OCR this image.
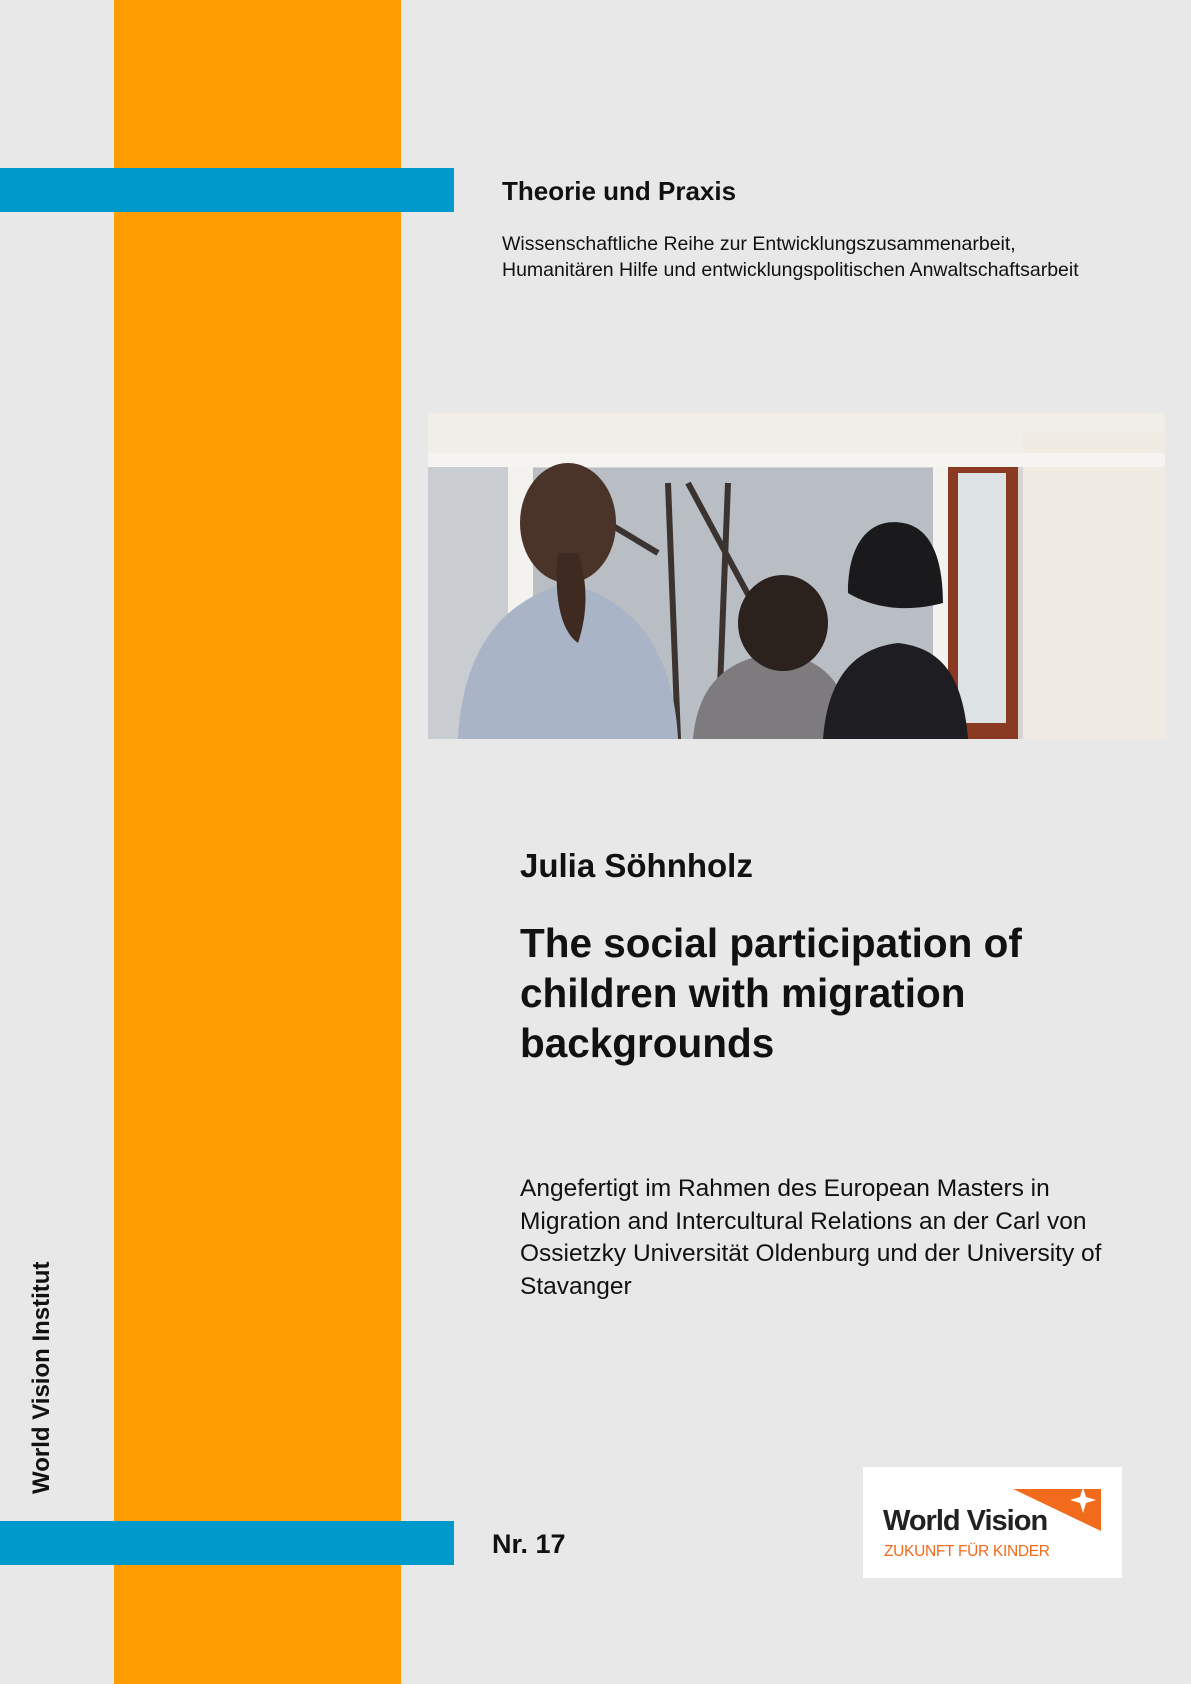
Theorie und Praxis
Wissenschaftliche Reihe zur Entwicklungszusammenarbeit,
Humanitären Hilfe und entwicklungspolitischen Anwaltschaftsarbeit
Julia Söhnholz
The social participation of children with migration backgrounds
Angefertigt im Rahmen des European Masters in Migration and Intercultural Relations an der Carl von Ossietzky Universität Oldenburg und der University of Stavanger
World Vision Institut
Nr. 17
World Vision
ZUKUNFT FÜR KINDER
